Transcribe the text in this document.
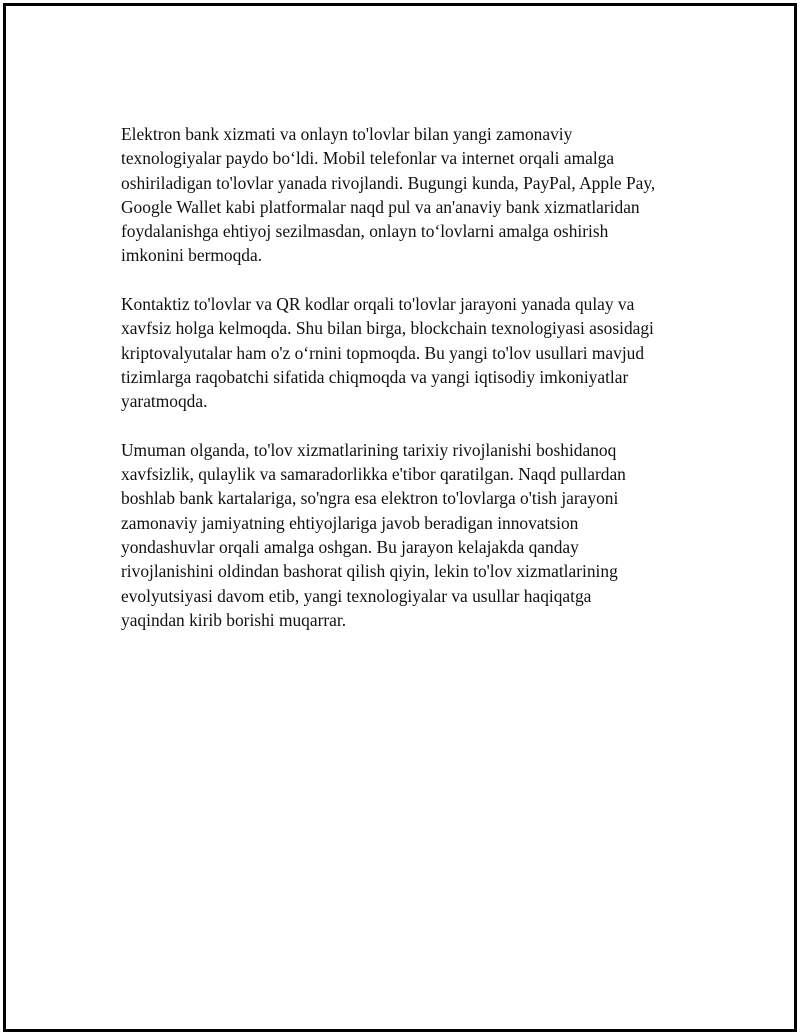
Elektron bank xizmati va onlayn to'lovlar bilan yangi zamonaviy
texnologiyalar paydo boʻldi. Mobil telefonlar va internet orqali amalga
oshiriladigan to'lovlar yanada rivojlandi. Bugungi kunda, PayPal, Apple Pay,
Google Wallet kabi platformalar naqd pul va an'anaviy bank xizmatlaridan
foydalanishga ehtiyoj sezilmasdan, onlayn toʻlovlarni amalga oshirish
imkonini bermoqda.

Kontaktiz to'lovlar va QR kodlar orqali to'lovlar jarayoni yanada qulay va
xavfsiz holga kelmoqda. Shu bilan birga, blockchain texnologiyasi asosidagi
kriptovalyutalar ham o'z oʻrnini topmoqda. Bu yangi to'lov usullari mavjud
tizimlarga raqobatchi sifatida chiqmoqda va yangi iqtisodiy imkoniyatlar
yaratmoqda.

Umuman olganda, to'lov xizmatlarining tarixiy rivojlanishi boshidanoq
xavfsizlik, qulaylik va samaradorlikka e'tibor qaratilgan. Naqd pullardan
boshlab bank kartalariga, so'ngra esa elektron to'lovlarga o'tish jarayoni
zamonaviy jamiyatning ehtiyojlariga javob beradigan innovatsion
yondashuvlar orqali amalga oshgan. Bu jarayon kelajakda qanday
rivojlanishini oldindan bashorat qilish qiyin, lekin to'lov xizmatlarining
evolyutsiyasi davom etib, yangi texnologiyalar va usullar haqiqatga
yaqindan kirib borishi muqarrar.
